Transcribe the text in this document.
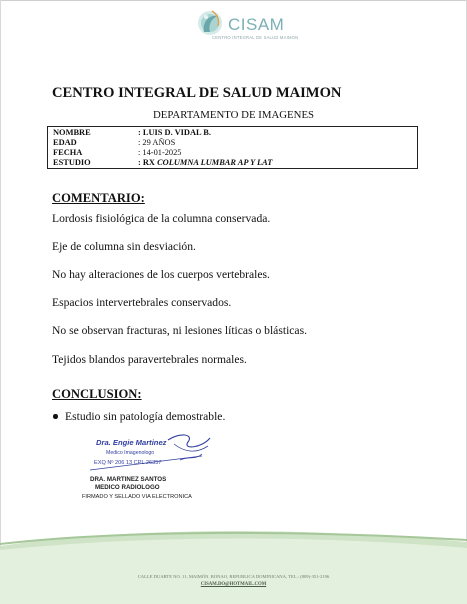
CISAM
CENTRO INTEGRAL DE SALUD MAIMON
CENTRO INTEGRAL DE SALUD MAIMON
DEPARTAMENTO DE IMAGENES
NOMBRE	: LUIS D. VIDAL B.
EDAD	: 29 AÑOS
FECHA	: 14-01-2025
ESTUDIO	: RX COLUMNA LUMBAR AP Y LAT
COMENTARIO:
Lordosis fisiológica de la columna conservada.
Eje de columna sin desviación.
No hay alteraciones de los cuerpos vertebrales.
Espacios intervertebrales conservados.
No se observan fracturas, ni lesiones líticas o blásticas.
Tejidos blandos paravertebrales normales.
CONCLUSION:
Estudio sin patología demostrable.
Dra. Engie Martinez
Medico Imagenologo
EXQ Nº 206 13 CPL 26357
DRA. MARTINEZ SANTOS
MEDICO RADIOLOGO
FIRMADO Y SELLADO VIA ELECTRONICA
CALLE DUARTE NO. 11, MAIMÓN, BONAO, REPUBLICA DOMINICANA, TEL.: (809)-351-2196
CISAM.DO@HOTMAIL.COM
